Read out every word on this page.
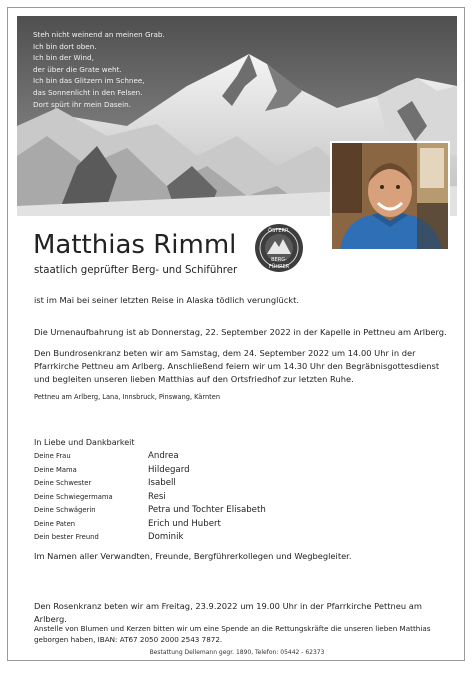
Steh nicht weinend an meinen Grab.
Ich bin dort oben.
Ich bin der Wind,
der über die Grate weht.
Ich bin das Glitzern im Schnee,
das Sonnenlicht in den Felsen.
Dort spürt ihr mein Dasein.
Matthias Rimml
staatlich geprüfter Berg- und Schiführer
ÖSTERR.
BERG-
FÜHRER
ist im Mai bei seiner letzten Reise in Alaska tödlich verunglückt.
Die Urnenaufbahrung ist ab Donnerstag, 22. September 2022 in der Kapelle in Pettneu am Arlberg.
Den Bundrosenkranz beten wir am Samstag, dem 24. September 2022 um 14.00 Uhr in der
Pfarrkirche Pettneu am Arlberg. Anschließend feiern wir um 14.30 Uhr den Begräbnisgottesdienst
und begleiten unseren lieben Matthias auf den Ortsfriedhof zur letzten Ruhe.
Pettneu am Arlberg, Lana, Innsbruck, Pinswang, Kärnten
In Liebe und Dankbarkeit
Deine Frau	Andrea
Deine Mama	Hildegard
Deine Schwester	Isabell
Deine Schwiegermama	Resi
Deine Schwägerin	Petra und Tochter Elisabeth
Deine Paten	Erich und Hubert
Dein bester Freund	Dominik
Im Namen aller Verwandten, Freunde, Bergführerkollegen und Wegbegleiter.
Den Rosenkranz beten wir am Freitag, 23.9.2022 um 19.00 Uhr in der Pfarrkirche Pettneu am Arlberg.
Anstelle von Blumen und Kerzen bitten wir um eine Spende an die Rettungskräfte die unseren lieben Matthias
geborgen haben, IBAN: AT67 2050 2000 2543 7872.
Bestattung Dellemann gegr. 1890, Telefon: 05442 - 62373
